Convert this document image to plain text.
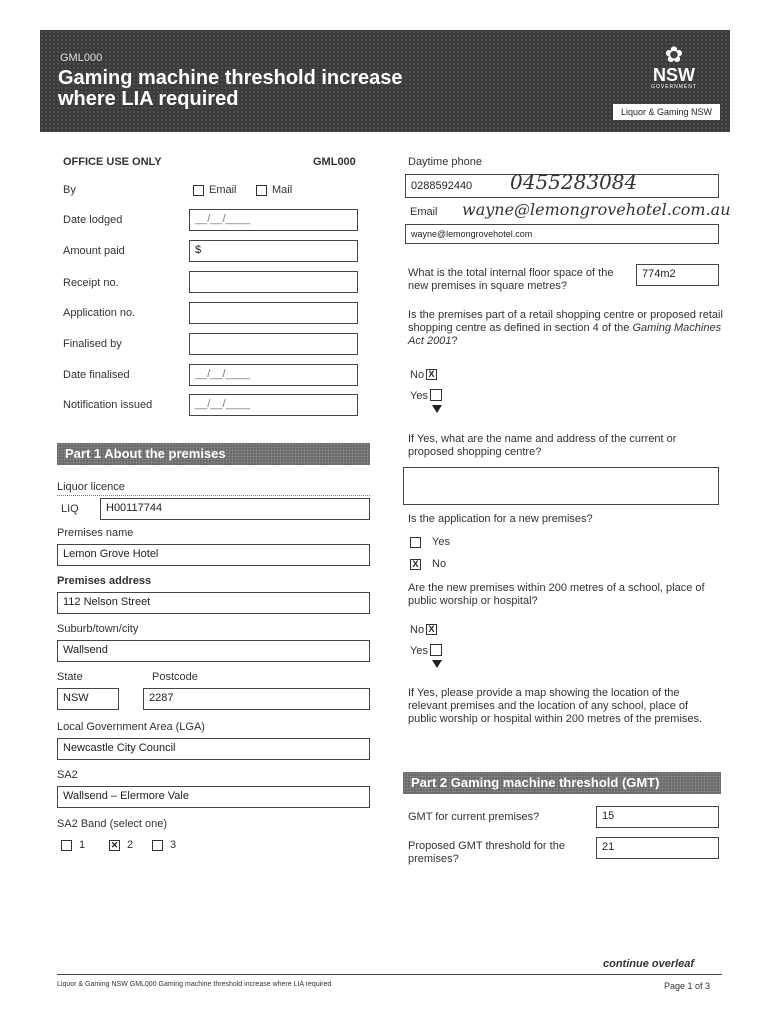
GML000
Gaming machine threshold increase
where LIA required
✿
NSW
GOVERNMENT
Liquor & Gaming NSW
OFFICE USE ONLY	GML000
By	Email	Mail
Date lodged	__/__/____
Amount paid	$
Receipt no.
Application no.
Finalised by
Date finalised	__/__/____
Notification issued	__/__/____
Part 1 About the premises
Liquor licence
LIQ	H00117744
Premises name
Lemon Grove Hotel
Premises address
112 Nelson Street
Suburb/town/city
Wallsend
State	Postcode
NSW	2287
Local Government Area (LGA)
Newcastle City Council
SA2
Wallsend – Elermore Vale
SA2 Band (select one)
1	✕ 2	3
Daytime phone
0288592440	0455283084
Email wayne@lemongrovehotel.com.au
wayne@lemongrovehotel.com
What is the total internal floor space of the new premises in square metres?
774m2
Is the premises part of a retail shopping centre or proposed retail shopping centre as defined in section 4 of the Gaming Machines Act 2001?
No X
Yes
If Yes, what are the name and address of the current or proposed shopping centre?
Is the application for a new premises?
Yes
X No
Are the new premises within 200 metres of a school, place of public worship or hospital?
No X
Yes
If Yes, please provide a map showing the location of the relevant premises and the location of any school, place of public worship or hospital within 200 metres of the premises.
Part 2 Gaming machine threshold (GMT)
GMT for current premises?	15
Proposed GMT threshold for the premises?
21
continue overleaf
Liquor & Gaming NSW GML000 Gaming machine threshold increase where LIA required	Page 1 of 3
